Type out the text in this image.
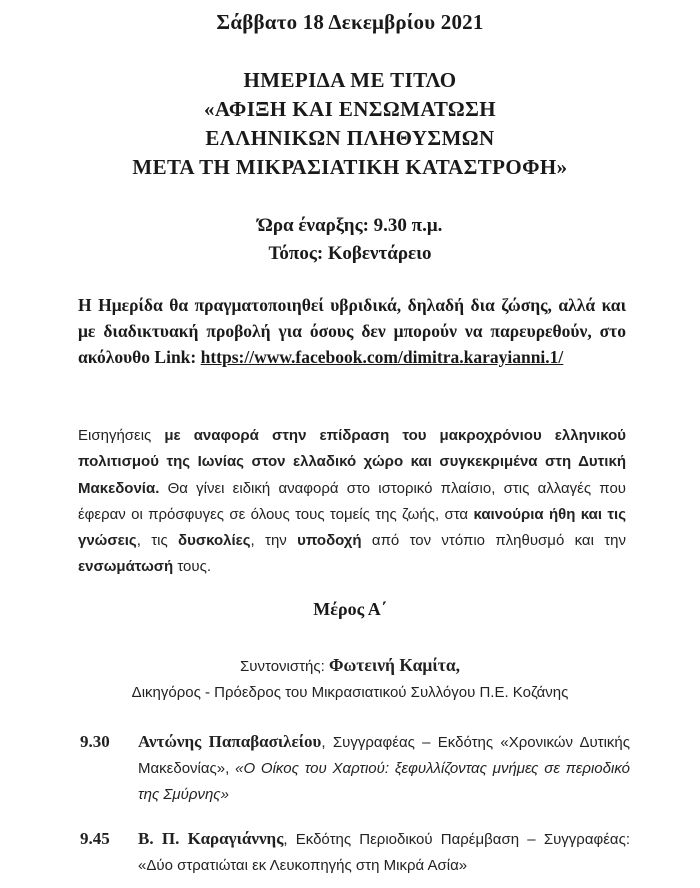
Σάββατο 18 Δεκεμβρίου 2021
ΗΜΕΡΙΔΑ ΜΕ ΤΙΤΛΟ
«ΑΦΙΞΗ ΚΑΙ ΕΝΣΩΜΑΤΩΣΗ
ΕΛΛΗΝΙΚΩΝ ΠΛΗΘΥΣΜΩΝ
ΜΕΤΑ ΤΗ ΜΙΚΡΑΣΙΑΤΙΚΗ ΚΑΤΑΣΤΡΟΦΗ»
Ώρα έναρξης: 9.30 π.μ.
Τόπος: Κοβεντάρειο
Η Ημερίδα θα πραγματοποιηθεί υβριδικά, δηλαδή δια ζώσης, αλλά και με διαδικτυακή προβολή για όσους δεν μπορούν να παρευρεθούν, στο ακόλουθο Link: https://www.facebook.com/dimitra.karayianni.1/
Εισηγήσεις με αναφορά στην επίδραση του μακροχρόνιου ελληνικού πολιτισμού της Ιωνίας στον ελλαδικό χώρο και συγκεκριμένα στη Δυτική Μακεδονία. Θα γίνει ειδική αναφορά στο ιστορικό πλαίσιο, στις αλλαγές που έφεραν οι πρόσφυγες σε όλους τους τομείς της ζωής, στα καινούρια ήθη και τις γνώσεις, τις δυσκολίες, την υποδοχή από τον ντόπιο πληθυσμό και την ενσωμάτωσή τους.
Μέρος Α΄
Συντονιστής: Φωτεινή Καμίτα,
Δικηγόρος - Πρόεδρος του Μικρασιατικού Συλλόγου Π.Ε. Κοζάνης
9.30 Αντώνης Παπαβασιλείου, Συγγραφέας – Εκδότης «Χρονικών Δυτικής Μακεδονίας», «Ο Οίκος του Χαρτιού: ξεφυλλίζοντας μνήμες σε περιοδικό της Σμύρνης»
9.45 Β. Π. Καραγιάννης, Εκδότης Περιοδικού Παρέμβαση – Συγγραφέας: «Δύο στρατιώται εκ Λευκοπηγής στη Μικρά Ασία»
